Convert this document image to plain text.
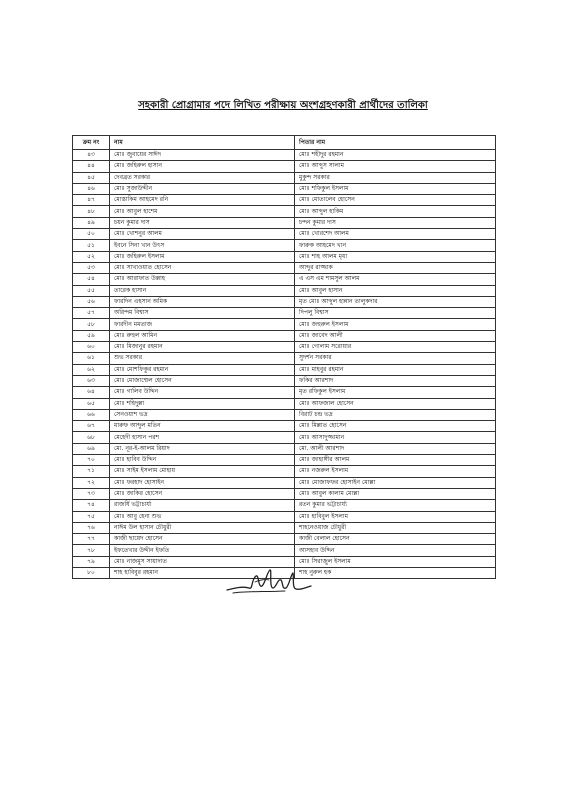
সহকারী প্রোগ্রামার পদে লিখিত পরীক্ষায় অংশগ্রহণকারী প্রার্থীদের তালিকা
ক্রম নং	নাম	পিতার নাম
৪৩	মোঃ জুবায়ের সাঈদ	মোঃ শহীদুর রহমান
৪৪	মোঃ জহিরুল হাসান	মোঃ আব্দুস সালাম
৪৫	দেবব্রত সরকার	মুকুন্দ সরকার
৪৬	মোঃ সুজাউদ্দীন	মোঃ শফিকুল ইসলাম
৪৭	মোস্তাকিম আহমেদ রনি	মোঃ মোতালেব হোসেন
৪৮	মোঃ আবুল হাশেম	মোঃ আব্দুল হাকিম
৪৯	চয়ন কুমার দাস	চন্দন কুমার দাস
৫০	মোঃ খোশনুর আলম	মোঃ খোরশেদ আলম
৫১	ইবনে সিনা খান উৎস	ফারুক আহমেদ খান
৫২	মোঃ জহিরুল ইসলাম	মোঃ শাহ আলম মৃধা
৫৩	মোঃ সাখাওয়াত হোসেন	আব্দুর রাজ্জাক
৫৪	মোঃ আরাফাত উল্লাহ	এ এস এম শামসুল আলম
৫৫	তারেক হাসান	মোঃ আবুল হাসান
৫৬	ফারদিন এহসান অমিক	মৃত মোঃ আব্দুল হান্নান তালুকদার
৫৭	অরিন্দম বিশ্বাস	দিপলু বিশ্বাস
৫৮	ফারদীন মমতাজ	মোঃ জহুরুল ইসলাম
৫৯	মোঃ রুহুল আমিন	মোঃ জাবেদ আলী
৬০	মোঃ মিজানুর রহমান	মোঃ গোলাম সরোয়ার
৬১	শুভ সরকার	সুদর্শন সরকার
৬২	মোঃ মোশফিকুর রহমান	মোঃ মাহবুর রহমান
৬৩	মোঃ মোজাম্মেল হোসেন	ফকির আরশাদ
৬৪	মোঃ গালিব উদ্দিন	মৃত রফিকুল ইসলাম
৬৫	মোঃ শহিদুল্লা	মোঃ আফজাল হোসেন
৬৬	সেনওয়াশ ভদ্র	বিরাট চন্দ্র ভদ্র
৬৭	মারুফ আব্দুল মতিন	মোঃ মিল্লাত হোসেন
৬৮	মেহেদী হাসান পরশ	মোঃ আসাদুজ্জামান
৬৯	মো. নূর-ই-আলম রিয়াদ	মো. আলী আরশাদ
৭০	মোঃ হাবিব উদ্দিন	মোঃ জাহাঙ্গীর আলম
৭১	মোঃ সাইম ইসলাম মোহায়	মোঃ নজরুল ইসলাম
৭২	মোঃ ফরহাদ হোসাইন	মোঃ মোজাফফর হোসাইন মোল্লা
৭৩	মোঃ জাকির হোসেন	মোঃ আবুল কালাম মোল্লা
৭৪	রাজর্ষি ভট্টাচার্য্য	রতন কুমার ভট্টাচার্য্য
৭৫	মোঃ আবু হেনা শুভ	মোঃ হাবিবুল ইসলাম
৭৬	নাঈম উল হাসান চৌধুরী	শাহনেওয়াজ চৌধুরী
৭৭	কাজী ছায়েদ হোসেন	কাজী বেলাল হোসেন
৭৮	ইফতেখার উদ্দীন ইফতি	আসহাব উদ্দিন
৭৯	মোঃ নাজমুস সায়াদাত	মোঃ সিরাজুল ইসলাম
৮০	শাহ হাবিবুর রহমান	শাহ নুরুল হক
